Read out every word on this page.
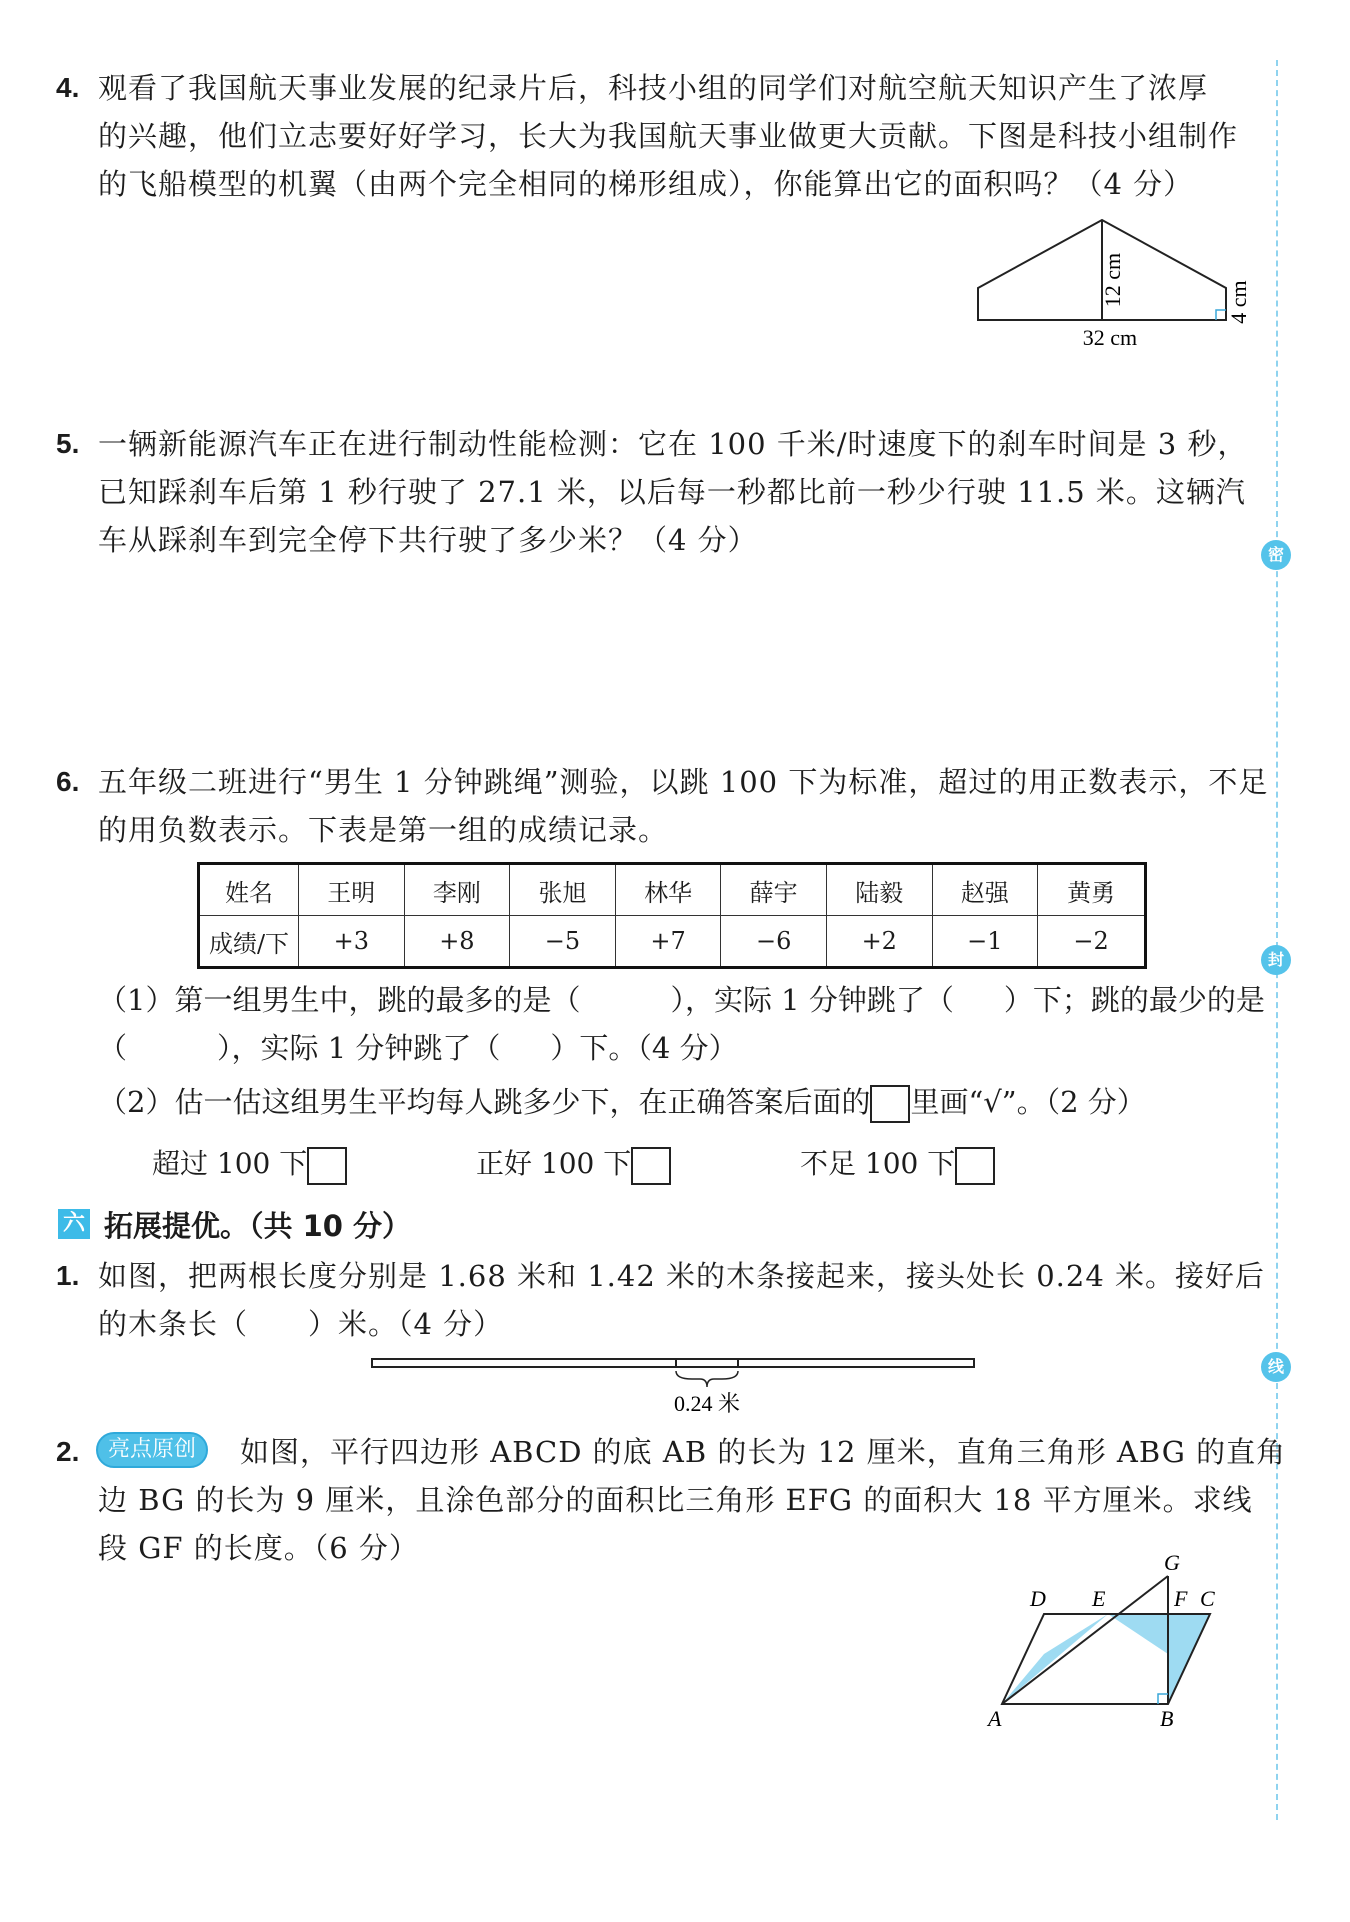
密
封
线
4. 观看了我国航天事业发展的纪录片后，科技小组的同学们对航空航天知识产生了浓厚
的兴趣，他们立志要好好学习，长大为我国航天事业做更大贡献。下图是科技小组制作
的飞船模型的机翼（由两个完全相同的梯形组成），你能算出它的面积吗？（4 分）
12 cm	4 cm
32 cm
5. 一辆新能源汽车正在进行制动性能检测：它在 100 千米/时速度下的刹车时间是 3 秒，
已知踩刹车后第 1 秒行驶了 27.1 米，以后每一秒都比前一秒少行驶 11.5 米。这辆汽
车从踩刹车到完全停下共行驶了多少米？（4 分）
6. 五年级二班进行“男生 1 分钟跳绳”测验，以跳 100 下为标准，超过的用正数表示，不足
的用负数表示。下表是第一组的成绩记录。
姓名	王明	李刚	张旭	林华	薛宇	陆毅	赵强	黄勇
成绩/下	+3	+8	−5	+7	−6	+2	−1	−2
（1）第一组男生中，跳的最多的是（	），实际 1 分钟跳了（ ）下；跳的最少的是
（	），实际 1 分钟跳了（ ）下。（4 分）
（2）估一估这组男生平均每人跳多少下，在正确答案后面的 里画“√”。（2 分）
超过 100 下	正好 100 下	不足 100 下
六 拓展提优。（共 10 分）
1. 如图，把两根长度分别是 1.68 米和 1.42 米的木条接起来，接头处长 0.24 米。接好后
的木条长（　　）米。（4 分）
0.24 米
2.	亮点原创	如图，平行四边形 ABCD 的底 AB 的长为 12 厘米，直角三角形 ABG 的直角
边 BG 的长为 9 厘米，且涂色部分的面积比三角形 EFG 的面积大 18 平方厘米。求线
段 GF 的长度。（6 分）	G
D E	F C
A	B
